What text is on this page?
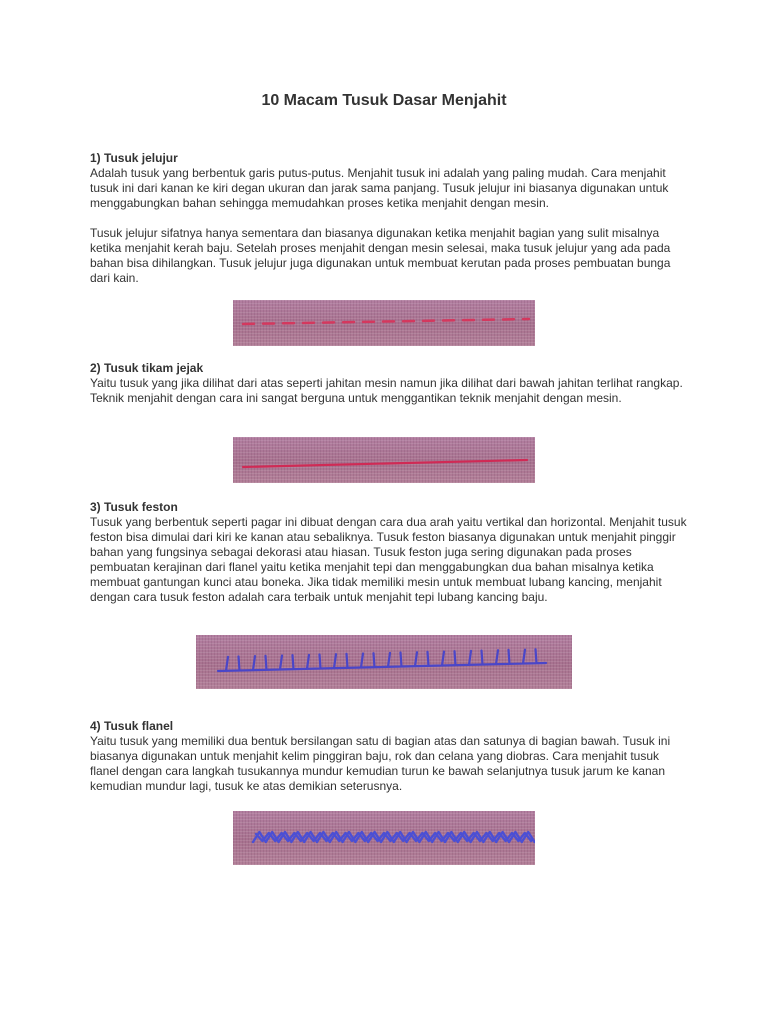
10 Macam Tusuk Dasar Menjahit
1) Tusuk jelujur

Adalah tusuk yang berbentuk garis putus-putus. Menjahit tusuk ini adalah yang paling mudah. Cara menjahit tusuk ini dari kanan ke kiri degan ukuran dan jarak sama panjang. Tusuk jelujur ini biasanya digunakan untuk menggabungkan bahan sehingga memudahkan proses ketika menjahit dengan mesin.

Tusuk jelujur sifatnya hanya sementara dan biasanya digunakan ketika menjahit bagian yang sulit misalnya ketika menjahit kerah baju. Setelah proses menjahit dengan mesin selesai, maka tusuk jelujur yang ada pada bahan bisa dihilangkan. Tusuk jelujur juga digunakan untuk membuat kerutan pada proses pembuatan bunga dari kain.

2) Tusuk tikam jejak

Yaitu tusuk yang jika dilihat dari atas seperti jahitan mesin namun jika dilihat dari bawah jahitan terlihat rangkap. Teknik menjahit dengan cara ini sangat berguna untuk menggantikan teknik menjahit dengan mesin.

3) Tusuk feston

Tusuk yang berbentuk seperti pagar ini dibuat dengan cara dua arah yaitu vertikal dan horizontal. Menjahit tusuk feston bisa dimulai dari kiri ke kanan atau sebaliknya. Tusuk feston biasanya digunakan untuk menjahit pinggir bahan yang fungsinya sebagai dekorasi atau hiasan. Tusuk feston juga sering digunakan pada proses pembuatan kerajinan dari flanel yaitu ketika menjahit tepi dan menggabungkan dua bahan misalnya ketika membuat gantungan kunci atau boneka. Jika tidak memiliki mesin untuk membuat lubang kancing, menjahit dengan cara tusuk feston adalah cara terbaik untuk menjahit tepi lubang kancing baju.

4) Tusuk flanel

Yaitu tusuk yang memiliki dua bentuk bersilangan satu di bagian atas dan satunya di bagian bawah. Tusuk ini biasanya digunakan untuk menjahit kelim pinggiran baju, rok dan celana yang diobras. Cara menjahit tusuk flanel dengan cara langkah tusukannya mundur kemudian turun ke bawah selanjutnya tusuk jarum ke kanan kemudian mundur lagi, tusuk ke atas demikian seterusnya.
